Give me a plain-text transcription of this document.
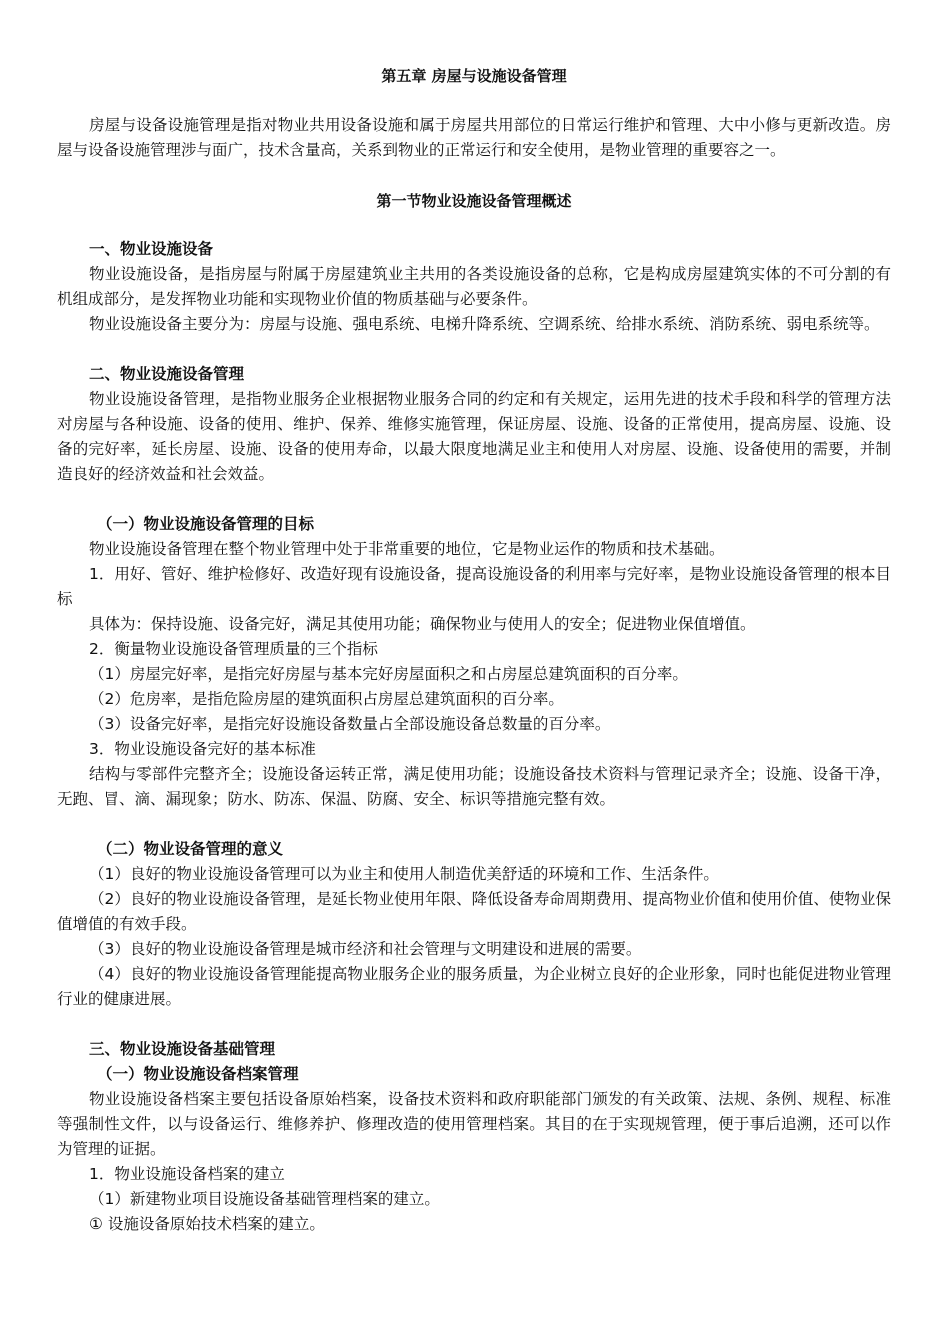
第五章 房屋与设施设备管理

房屋与设备设施管理是指对物业共用设备设施和属于房屋共用部位的日常运行维护和管理、大中小修与更新改造。房屋与设备设施管理涉与面广，技术含量高，关系到物业的正常运行和安全使用，是物业管理的重要容之一。

第一节物业设施设备管理概述
一、物业设施设备

物业设施设备，是指房屋与附属于房屋建筑业主共用的各类设施设备的总称，它是构成房屋建筑实体的不可分割的有机组成部分，是发挥物业功能和实现物业价值的物质基础与必要条件。

物业设施设备主要分为：房屋与设施、强电系统、电梯升降系统、空调系统、给排水系统、消防系统、弱电系统等。

二、物业设施设备管理

物业设施设备管理，是指物业服务企业根据物业服务合同的约定和有关规定，运用先进的技术手段和科学的管理方法对房屋与各种设施、设备的使用、维护、保养、维修实施管理，保证房屋、设施、设备的正常使用，提高房屋、设施、设备的完好率，延长房屋、设施、设备的使用寿命，以最大限度地满足业主和使用人对房屋、设施、设备使用的需要，并制造良好的经济效益和社会效益。

（一）物业设施设备管理的目标

物业设施设备管理在整个物业管理中处于非常重要的地位，它是物业运作的物质和技术基础。

1．用好、管好、维护检修好、改造好现有设施设备，提高设施设备的利用率与完好率，是物业设施设备管理的根本目标

具体为：保持设施、设备完好，满足其使用功能；确保物业与使用人的安全；促进物业保值增值。

2．衡量物业设施设备管理质量的三个指标

（1）房屋完好率，是指完好房屋与基本完好房屋面积之和占房屋总建筑面积的百分率。

（2）危房率，是指危险房屋的建筑面积占房屋总建筑面积的百分率。

（3）设备完好率，是指完好设施设备数量占全部设施设备总数量的百分率。

3．物业设施设备完好的基本标准

结构与零部件完整齐全；设施设备运转正常，满足使用功能；设施设备技术资料与管理记录齐全；设施、设备干净，无跑、冒、滴、漏现象；防水、防冻、保温、防腐、安全、标识等措施完整有效。

（二）物业设备管理的意义

（1）良好的物业设施设备管理可以为业主和使用人制造优美舒适的环境和工作、生活条件。

（2）良好的物业设施设备管理，是延长物业使用年限、降低设备寿命周期费用、提高物业价值和使用价值、使物业保值增值的有效手段。

（3）良好的物业设施设备管理是城市经济和社会管理与文明建设和进展的需要。

（4）良好的物业设施设备管理能提高物业服务企业的服务质量，为企业树立良好的企业形象，同时也能促进物业管理行业的健康进展。

三、物业设施设备基础管理
（一）物业设施设备档案管理

物业设施设备档案主要包括设备原始档案，设备技术资料和政府职能部门颁发的有关政策、法规、条例、规程、标准等强制性文件，以与设备运行、维修养护、修理改造的使用管理档案。其目的在于实现规管理，便于事后追溯，还可以作为管理的证据。

1．物业设施设备档案的建立

（1）新建物业项目设施设备基础管理档案的建立。

① 设施设备原始技术档案的建立。
